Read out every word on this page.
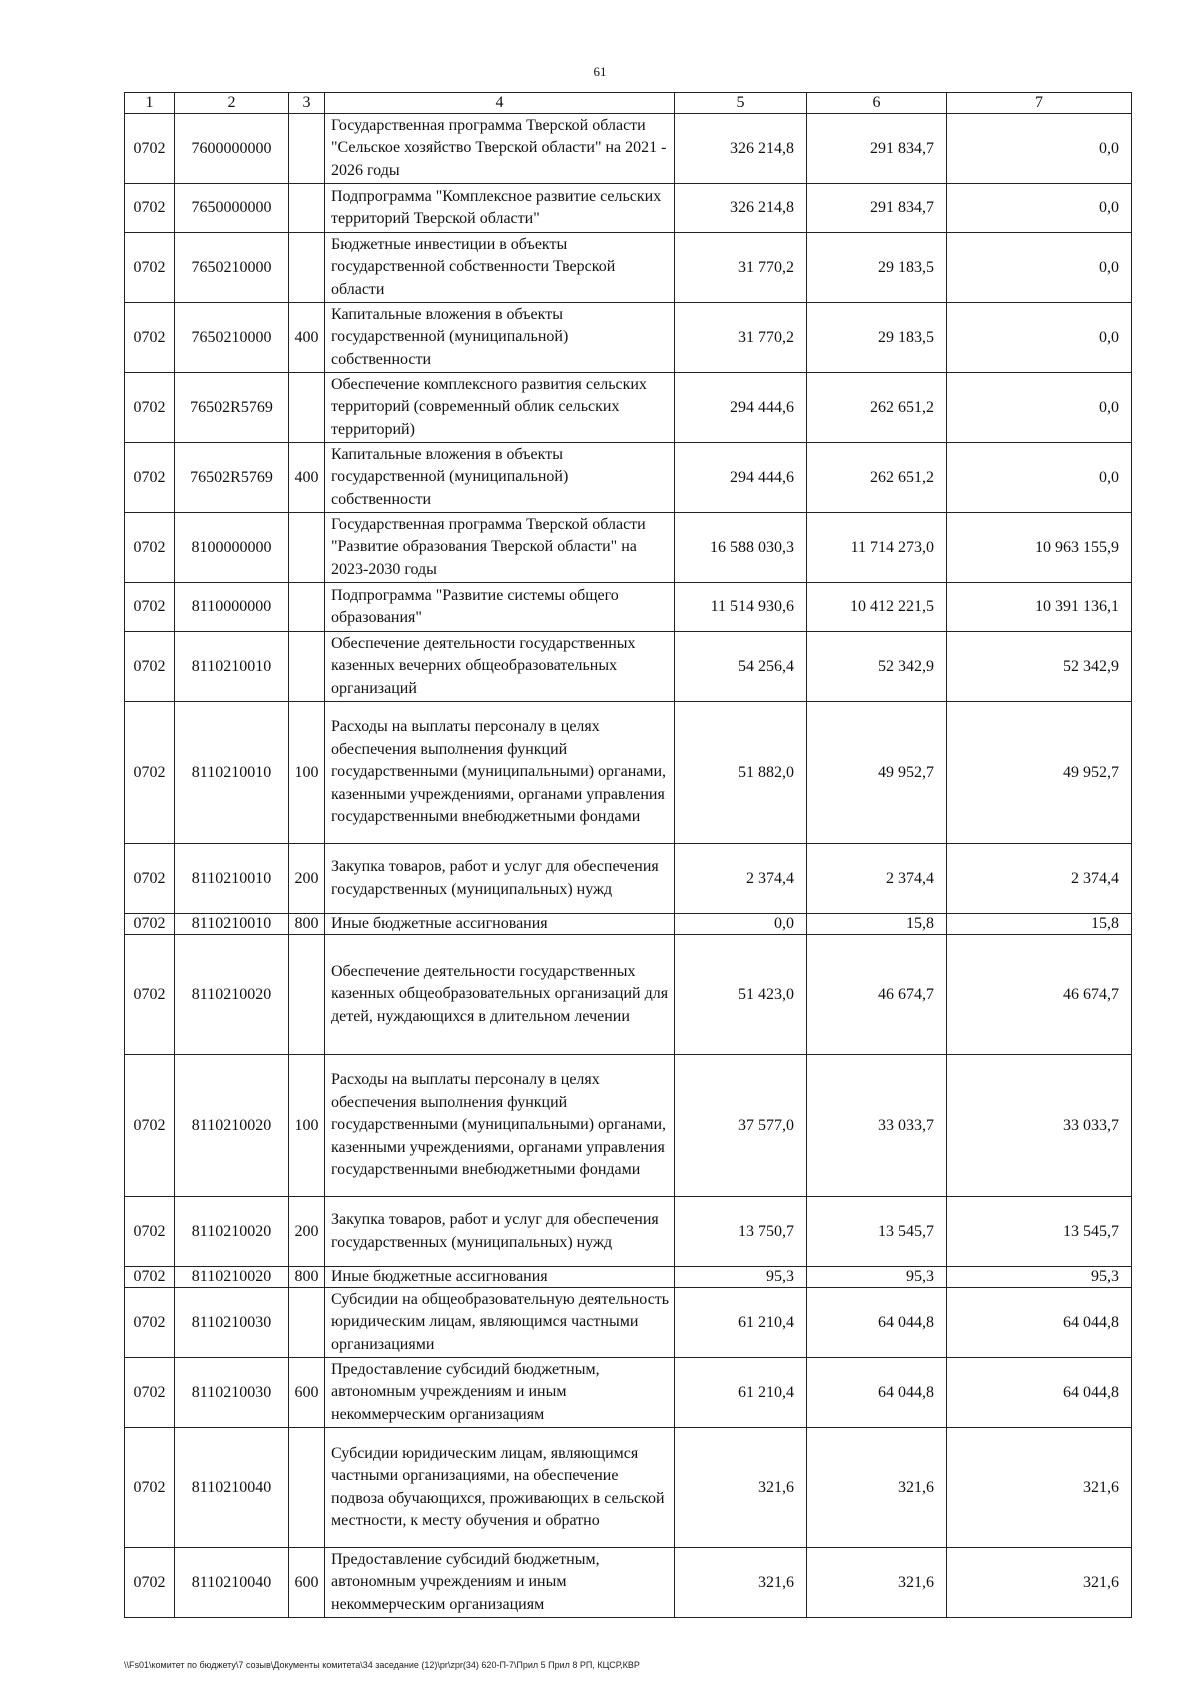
61
1	2	3	4	5	6	7
0702	7600000000		Государственная программа Тверской области "Сельское хозяйство Тверской области" на 2021 - 2026 годы	326 214,8	291 834,7	0,0
0702	7650000000		Подпрограмма "Комплексное развитие сельских территорий Тверской области"	326 214,8	291 834,7	0,0
0702	7650210000		Бюджетные инвестиции в объекты государственной собственности Тверской области	31 770,2	29 183,5	0,0
0702	7650210000	400	Капитальные вложения в объекты государственной (муниципальной) собственности	31 770,2	29 183,5	0,0
0702	76502R5769		Обеспечение комплексного развития сельских территорий (современный облик сельских территорий)	294 444,6	262 651,2	0,0
0702	76502R5769	400	Капитальные вложения в объекты государственной (муниципальной) собственности	294 444,6	262 651,2	0,0
0702	8100000000		Государственная программа Тверской области "Развитие образования Тверской области" на 2023-2030 годы	16 588 030,3	11 714 273,0	10 963 155,9
0702	8110000000		Подпрограмма "Развитие системы общего образования"	11 514 930,6	10 412 221,5	10 391 136,1
0702	8110210010		Обеспечение деятельности государственных казенных вечерних общеобразовательных организаций	54 256,4	52 342,9	52 342,9
0702	8110210010	100	Расходы на выплаты персоналу в целях обеспечения выполнения функций государственными (муниципальными) органами, казенными учреждениями, органами управления государственными внебюджетными фондами	51 882,0	49 952,7	49 952,7
0702	8110210010	200	Закупка товаров, работ и услуг для обеспечения государственных (муниципальных) нужд	2 374,4	2 374,4	2 374,4
0702	8110210010	800	Иные бюджетные ассигнования	0,0	15,8	15,8
0702	8110210020		Обеспечение деятельности государственных казенных общеобразовательных организаций для детей, нуждающихся в длительном лечении	51 423,0	46 674,7	46 674,7
0702	8110210020	100	Расходы на выплаты персоналу в целях обеспечения выполнения функций государственными (муниципальными) органами, казенными учреждениями, органами управления государственными внебюджетными фондами	37 577,0	33 033,7	33 033,7
0702	8110210020	200	Закупка товаров, работ и услуг для обеспечения государственных (муниципальных) нужд	13 750,7	13 545,7	13 545,7
0702	8110210020	800	Иные бюджетные ассигнования	95,3	95,3	95,3
0702	8110210030		Субсидии на общеобразовательную деятельность юридическим лицам, являющимся частными организациями	61 210,4	64 044,8	64 044,8
0702	8110210030	600	Предоставление субсидий бюджетным, автономным учреждениям и иным некоммерческим организациям	61 210,4	64 044,8	64 044,8
0702	8110210040		Субсидии юридическим лицам, являющимся частными организациями, на обеспечение подвоза обучающихся, проживающих в сельской местности, к месту обучения и обратно	321,6	321,6	321,6
0702	8110210040	600	Предоставление субсидий бюджетным, автономным учреждениям и иным некоммерческим организациям	321,6	321,6	321,6
\\Fs01\комитет по бюджету\7 созыв\Документы комитета\34 заседание (12)\pr\zpr(34) 620-П-7\Прил 5 Прил 8 РП, КЦСР,КВР
